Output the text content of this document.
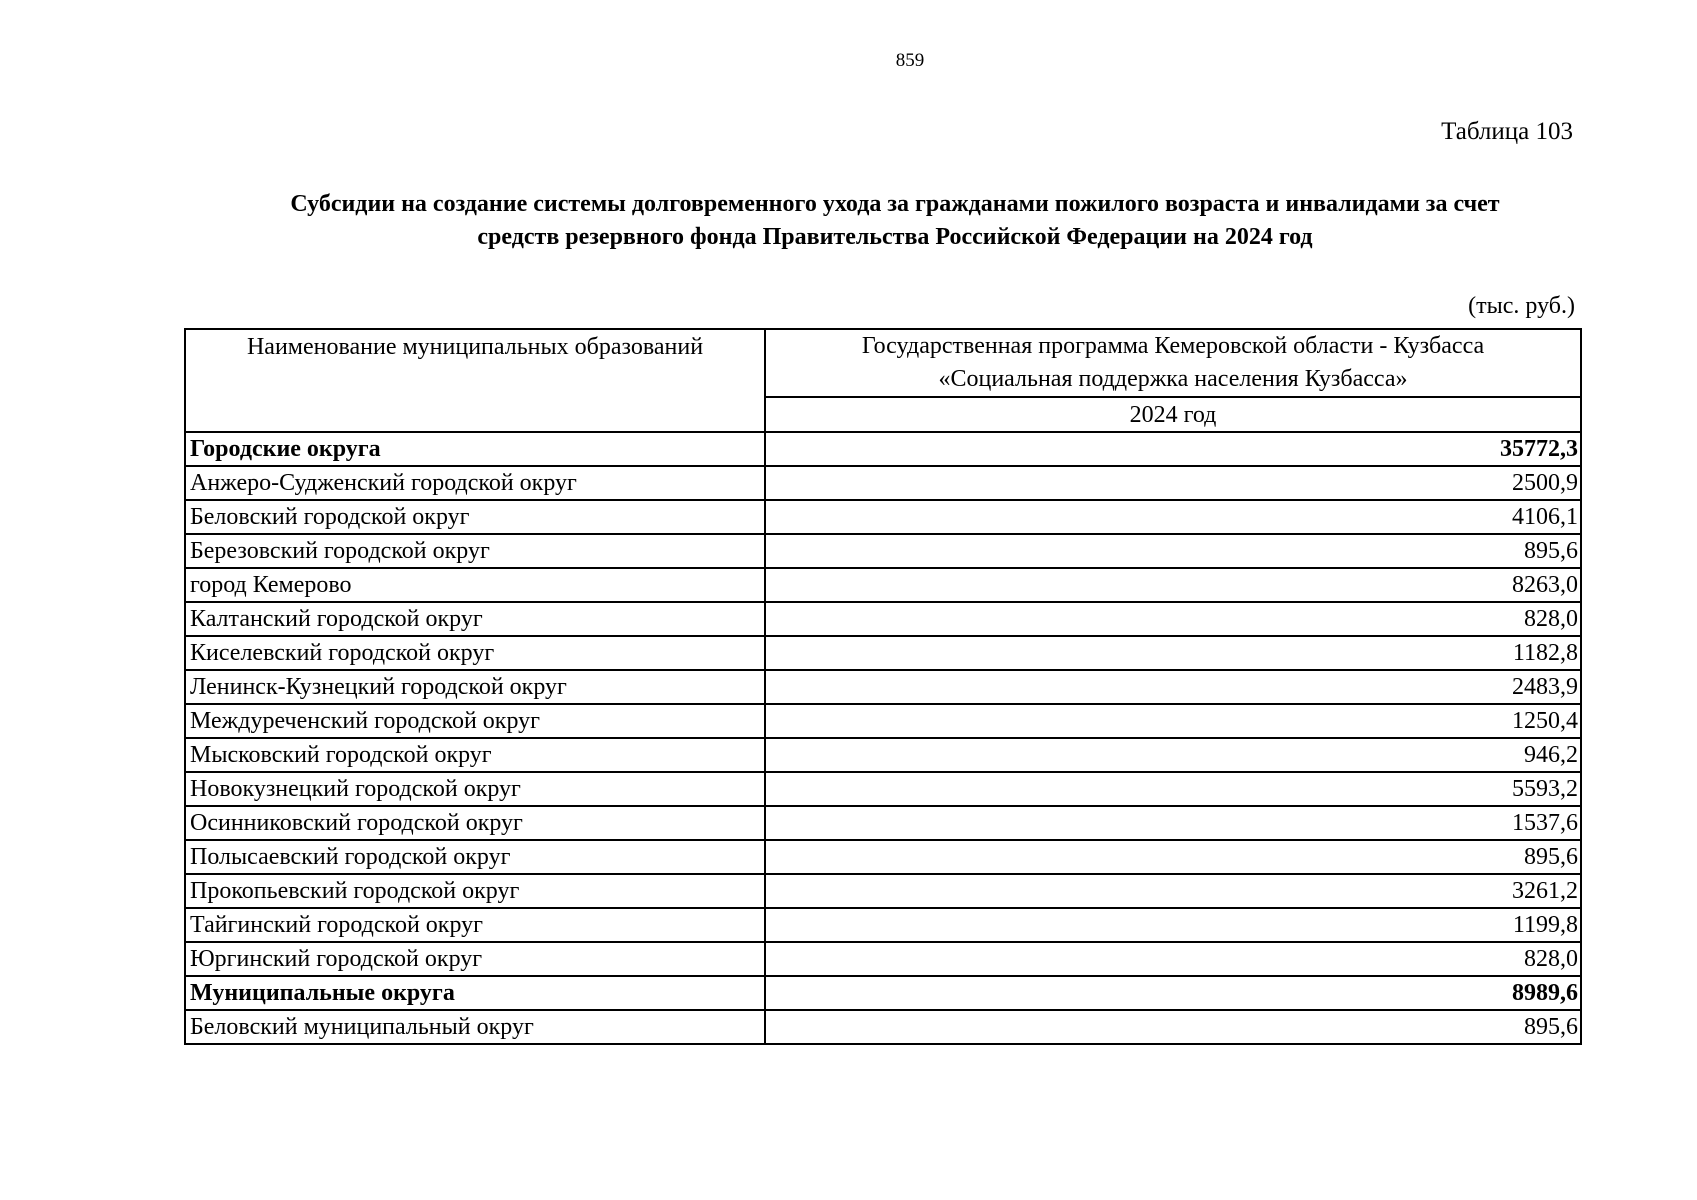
859
Таблица 103
Субсидии на создание системы долговременного ухода за гражданами пожилого возраста и инвалидами за счет
средств резервного фонда Правительства Российской Федерации на 2024 год
(тыс. руб.)
Наименование муниципальных образований	Государственная программа Кемеровской области - Кузбасса
«Социальная поддержка населения Кузбасса»

	2024 год
Городские округа	35772,3
Анжеро-Судженский городской округ	2500,9
Беловский городской округ	4106,1
Березовский городской округ	895,6
город Кемерово	8263,0
Калтанский городской округ	828,0
Киселевский городской округ	1182,8
Ленинск-Кузнецкий городской округ	2483,9
Междуреченский городской округ	1250,4
Мысковский городской округ	946,2
Новокузнецкий городской округ	5593,2
Осинниковский городской округ	1537,6
Полысаевский городской округ	895,6
Прокопьевский городской округ	3261,2
Тайгинский городской округ	1199,8
Юргинский городской округ	828,0
Муниципальные округа	8989,6
Беловский муниципальный округ	895,6
